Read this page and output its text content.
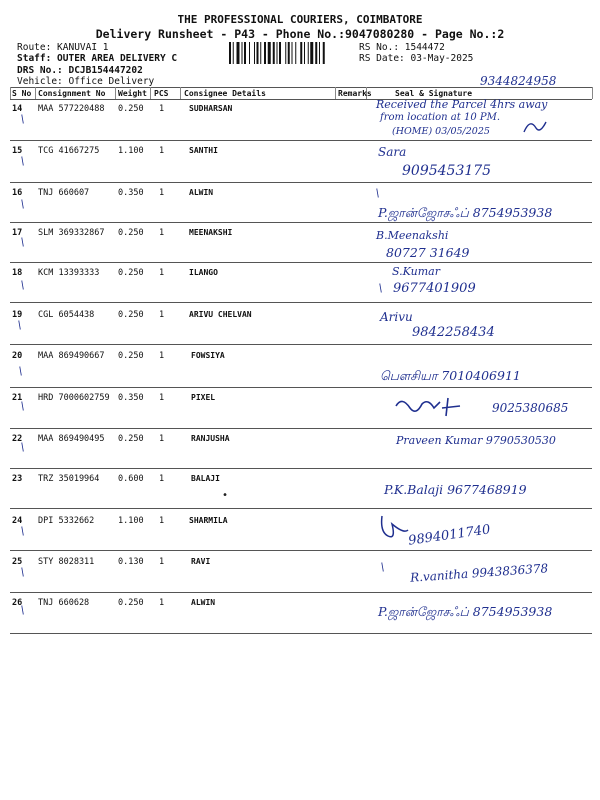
THE PROFESSIONAL COURIERS, COIMBATORE
Delivery Runsheet - P43 - Phone No.:9047080280 - Page No.:2
Route: KANUVAI 1
Staff: OUTER AREA DELIVERY C
DRS No.: DCJB154447202
Vehicle: Office Delivery
RS No.: 1544472
RS Date: 03-May-2025
9344824958
S No Consignment No Weight PCS Consignee Details	Remarks	Seal & Signature
14 MAA 577220488 0.250 1	SUDHARSAN	Received the Parcel 4hrs away
from location at 10 PM.
(HOME) 03/05/2025
15 TCG 41667275 1.100 1	SANTHI	Sara
9095453175
16 TNJ 660607	0.350 1	ALWIN
P.ஜான்ஜோசஃப் 8754953938
17 SLM 369332867 0.250 1	MEENAKSHI	B.Meenakshi
80727 31649
18 KCM 13393333 0.250 1	ILANGO	S.Kumar
9677401909
19 CGL 6054438	0.250 1	ARIVU CHELVAN	Arivu
9842258434
20 MAA 869490667 0.250 1	FOWSIYA
பெளசியா 7010406911
21 HRD 7000602759 0.350 1	PIXEL
9025380685
22 MAA 869490495 0.250 1	RANJUSHA	Praveen Kumar 9790530530
23 TRZ 35019964 0.600 1	BALAJI
•	P.K.Balaji 9677468919
24 DPI 5332662	1.100 1	SHARMILA
9894011740
25 STY 8028311	0.130 1	RAVI	R.vanitha 9943836378
26 TNJ 660628	0.250 1	ALWIN
P.ஜான்ஜோசஃப் 8754953938
/
/
/
/
/
/
/
/
/
/
/
/
/
/
/
